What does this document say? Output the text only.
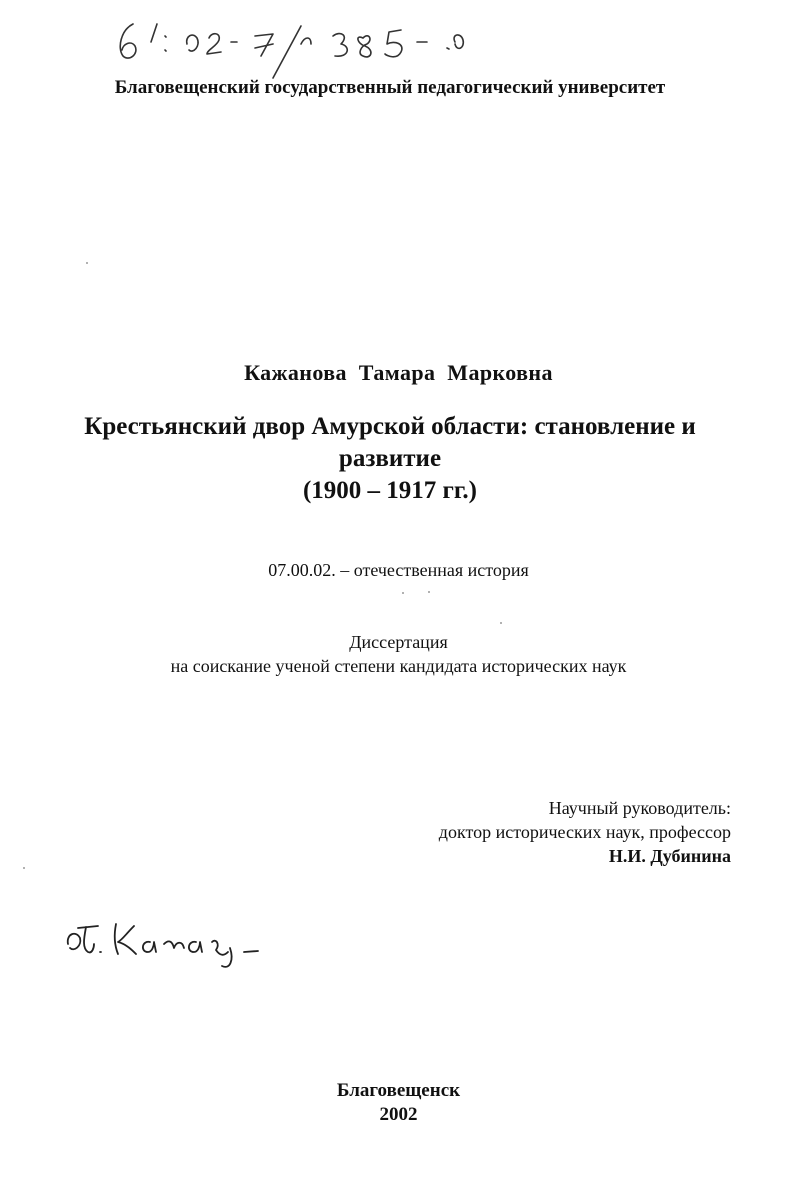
Благовещенский государственный педагогический университет
Кажанова Тамара Марковна
Крестьянский двор Амурской области: становление и
развитие
(1900 – 1917 гг.)
07.00.02. – отечественная история
Диссертация
на соискание ученой степени кандидата исторических наук
Научный руководитель:
доктор исторических наук, профессор
Н.И. Дубинина
Благовещенск
2002
